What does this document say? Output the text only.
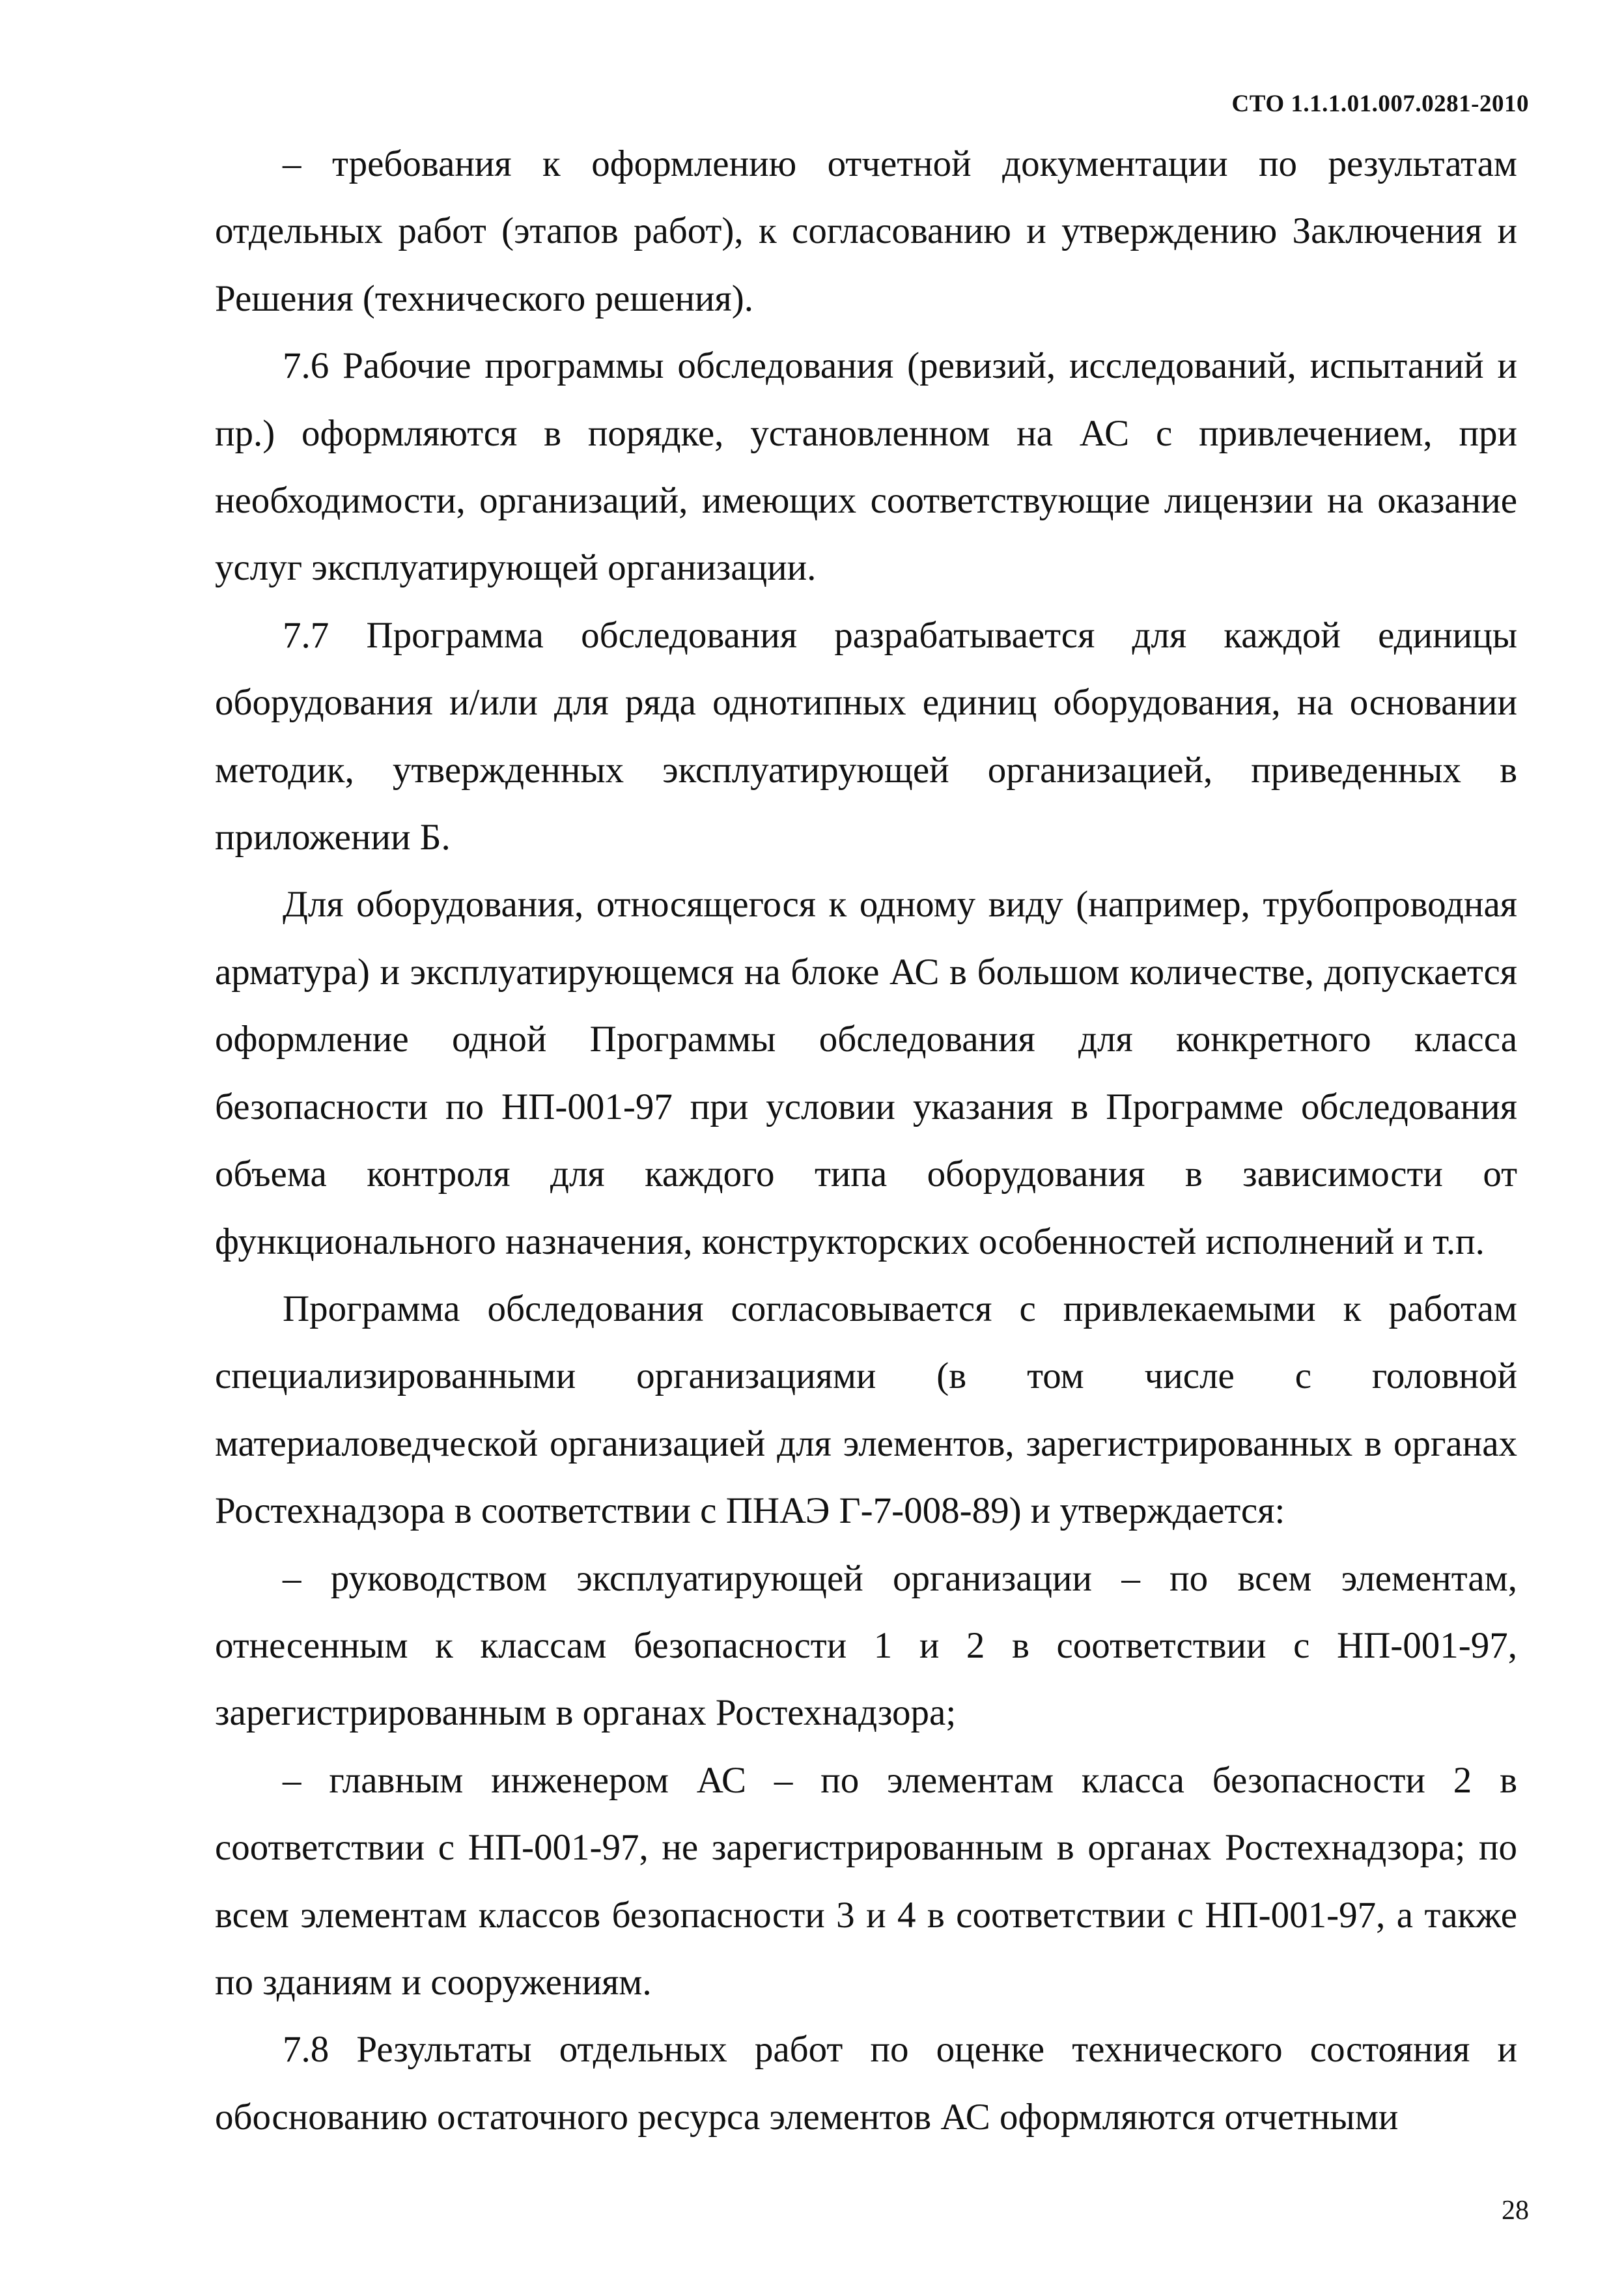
СТО 1.1.1.01.007.0281-2010

– требования к оформлению отчетной документации по результатам отдельных работ (этапов работ), к согласованию и утверждению Заключения и Решения (технического решения).

7.6 Рабочие программы обследования (ревизий, исследований, испытаний и пр.) оформляются в порядке, установленном на АС с привлечением, при необходимости, организаций, имеющих соответствующие лицензии на оказание услуг эксплуатирующей организации.

7.7 Программа обследования разрабатывается для каждой единицы оборудования и/или для ряда однотипных единиц оборудования, на основании методик, утвержденных эксплуатирующей организацией, приведенных в приложении Б.

Для оборудования, относящегося к одному виду (например, трубопроводная арматура) и эксплуатирующемся на блоке АС в большом количестве, допускается оформление одной Программы обследования для конкретного класса безопасности по НП-001-97 при условии указания в Программе обследования объема контроля для каждого типа оборудования в зависимости от функционального назначения, конструкторских особенностей исполнений и т.п.

Программа обследования согласовывается с привлекаемыми к работам специализированными организациями (в том числе с головной материаловедческой организацией для элементов, зарегистрированных в органах Ростехнадзора в соответствии с ПНАЭ Г-7-008-89) и утверждается:

– руководством эксплуатирующей организации – по всем элементам, отнесенным к классам безопасности 1 и 2 в соответствии с НП-001-97, зарегистрированным в органах Ростехнадзора;

– главным инженером АС – по элементам класса безопасности 2 в соответствии с НП-001-97, не зарегистрированным в органах Ростехнадзора; по всем элементам классов безопасности 3 и 4 в соответствии с НП-001-97, а также по зданиям и сооружениям.

7.8 Результаты отдельных работ по оценке технического состояния и обоснованию остаточного ресурса элементов АС оформляются отчетными

28
